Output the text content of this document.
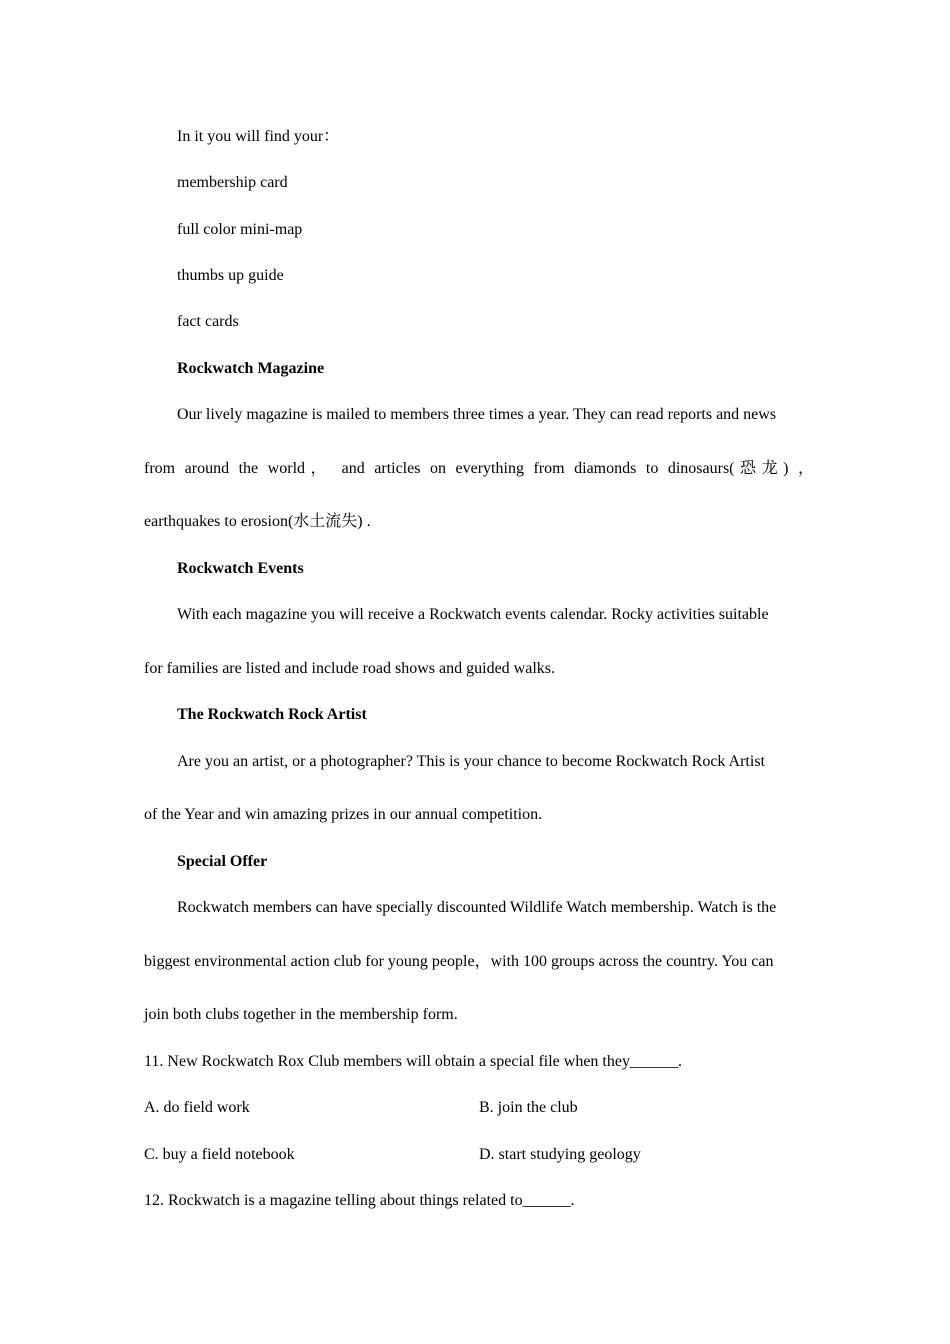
In it you will find your：

membership card

full color mini-map

thumbs up guide

fact cards

Rockwatch Magazine

Our lively magazine is mailed to members three times a year. They can read reports and news

from around the world， and articles on everything from diamonds to dinosaurs(恐龙) ，

earthquakes to erosion(水土流失) .

Rockwatch Events

With each magazine you will receive a Rockwatch events calendar. Rocky activities suitable

for families are listed and include road shows and guided walks.

The Rockwatch Rock Artist

Are you an artist, or a photographer? This is your chance to become Rockwatch Rock Artist

of the Year and win amazing prizes in our annual competition.

Special Offer

Rockwatch members can have specially discounted Wildlife Watch membership. Watch is the

biggest environmental action club for young people，with 100 groups across the country. You can

join both clubs together in the membership form.

11. New Rockwatch Rox Club members will obtain a special file when they______.

A. do field work	B. join the club

C. buy a field notebook	D. start studying geology

12. Rockwatch is a magazine telling about things related to______.
